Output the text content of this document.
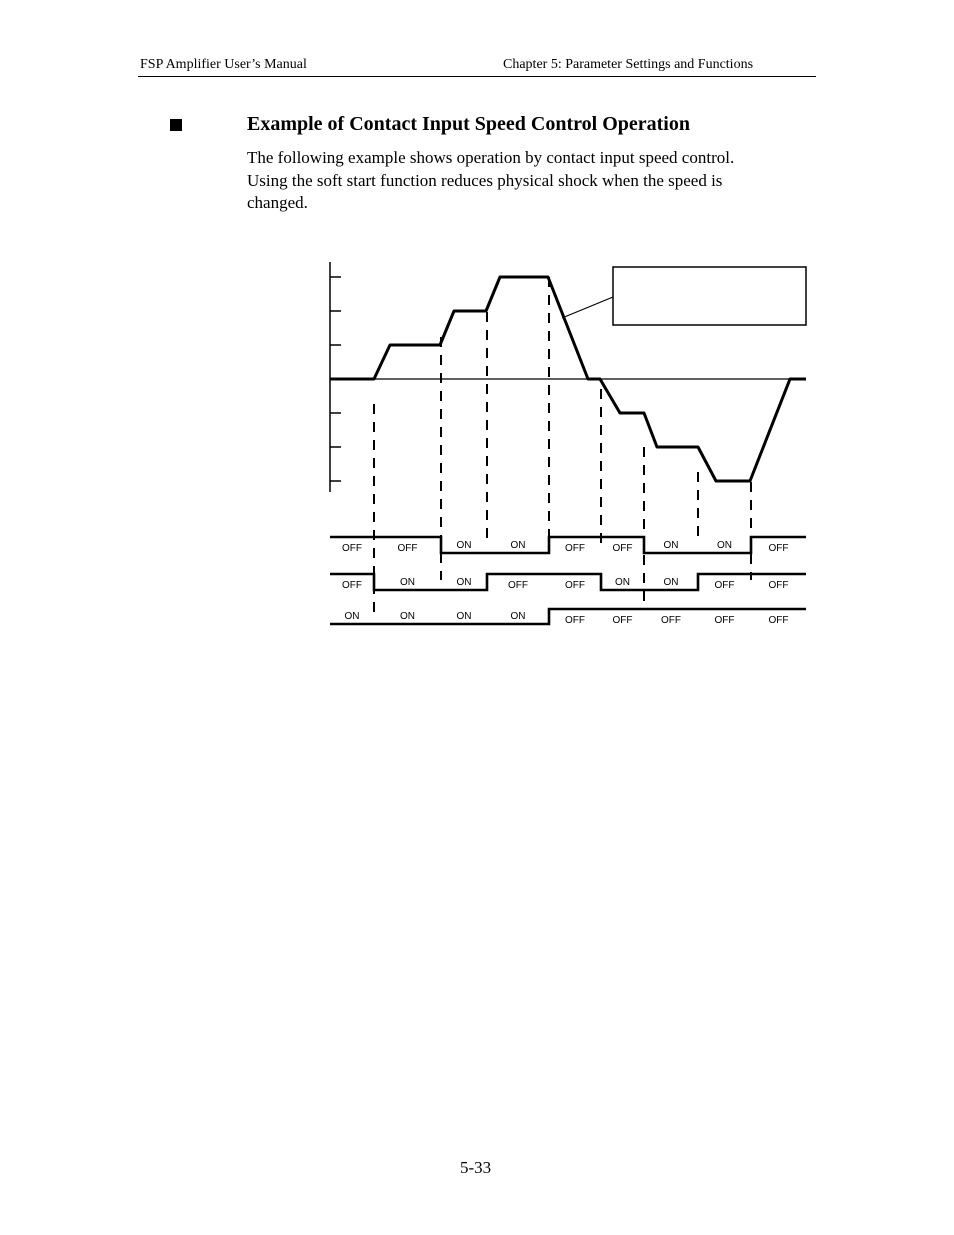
FSP Amplifier User’s Manual	Chapter 5: Parameter Settings and Functions
Example of Contact Input Speed Control Operation
The following example shows operation by contact input speed control.
Using the soft start function reduces physical shock when the speed is
changed.
OFF	OFF	ON	ON	OFF	OFF	ON	ON	OFF
OFF	ON	ON	OFF	OFF	ON	ON	OFF	OFF
ON	ON	ON	ON	OFF	OFF	OFF	OFF	OFF
5-33
